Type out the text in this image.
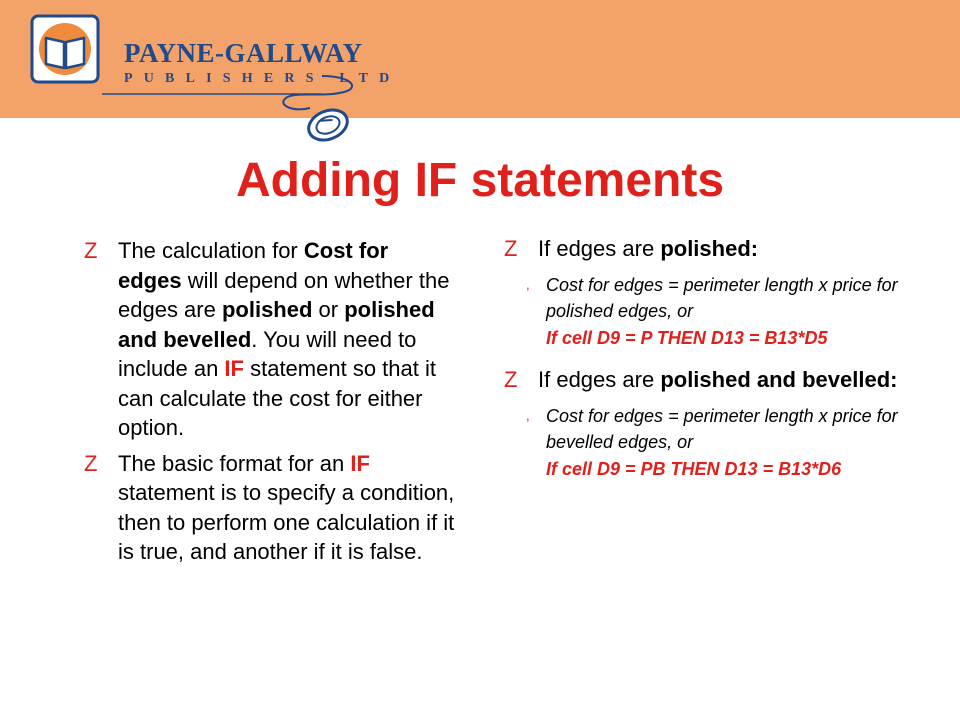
PAYNE-GALLWAY
PUBLISHERS LTD
Adding IF statements
Z The calculation for Cost for edges will depend on whether the edges are polished or polished and bevelled. You will need to include an IF statement so that it can calculate the cost for either option.
Z The basic format for an IF statement is to specify a condition, then to perform one calculation if it is true, and another if it is false.
Z If edges are polished:
, Cost for edges = perimeter length x price for polished edges, or
If cell D9 = P THEN D13 = B13*D5
Z If edges are polished and bevelled:
, Cost for edges = perimeter length x price for bevelled edges, or
If cell D9 = PB THEN D13 = B13*D6
